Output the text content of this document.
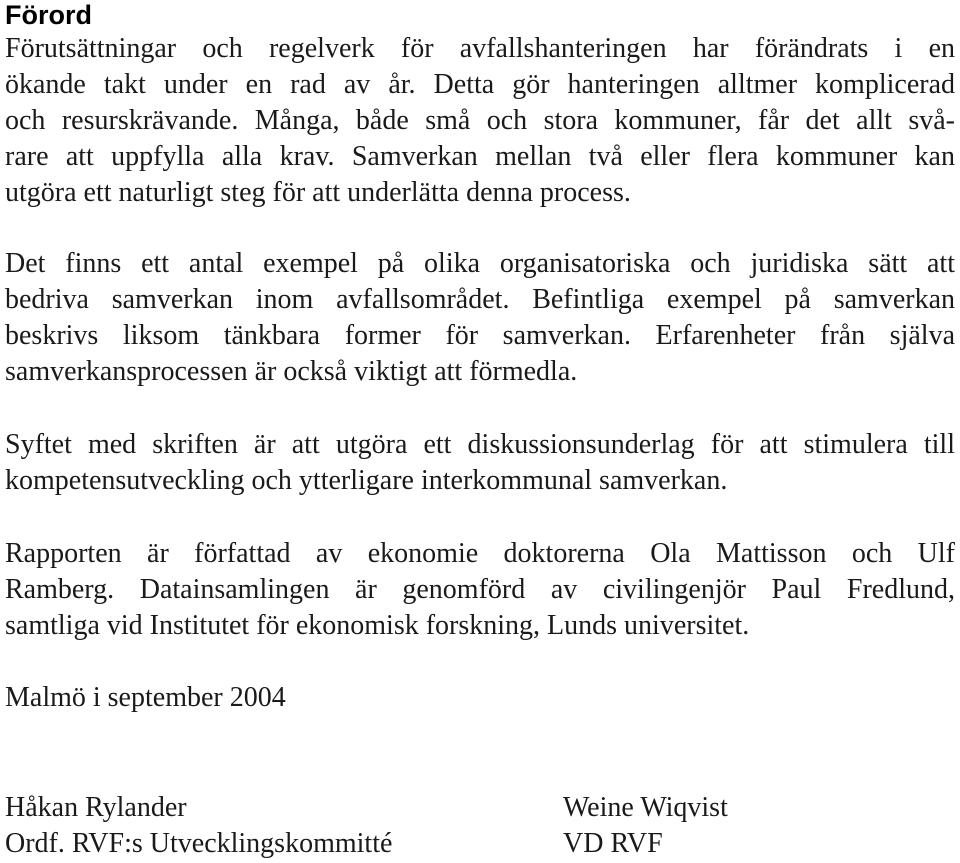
Förord
Förutsättningar och regelverk för avfallshanteringen har förändrats i en
ökande takt under en rad av år. Detta gör hanteringen alltmer komplicerad
och resurskrävande. Många, både små och stora kommuner, får det allt svå-
rare att uppfylla alla krav. Samverkan mellan två eller flera kommuner kan
utgöra ett naturligt steg för att underlätta denna process.
Det finns ett antal exempel på olika organisatoriska och juridiska sätt att
bedriva samverkan inom avfallsområdet. Befintliga exempel på samverkan
beskrivs liksom tänkbara former för samverkan. Erfarenheter från själva
samverkansprocessen är också viktigt att förmedla.
Syftet med skriften är att utgöra ett diskussionsunderlag för att stimulera till
kompetensutveckling och ytterligare interkommunal samverkan.
Rapporten är författad av ekonomie doktorerna Ola Mattisson och Ulf
Ramberg. Datainsamlingen är genomförd av civilingenjör Paul Fredlund,
samtliga vid Institutet för ekonomisk forskning, Lunds universitet.

Malmö i september 2004

Håkan Rylander
Ordf. RVF:s Utvecklingskommitté
Weine Wiqvist
VD RVF
